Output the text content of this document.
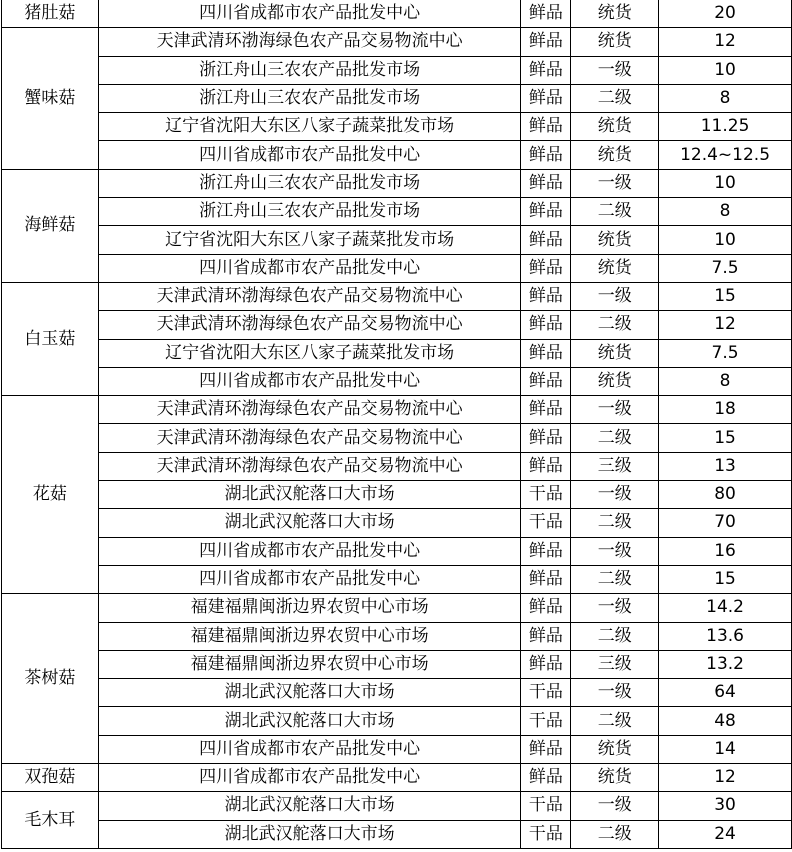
猪肚菇	四川省成都市农产品批发中心	鲜品	统货	20
蟹味菇	天津武清环渤海绿色农产品交易物流中心	鲜品	统货	12
	浙江舟山三农农产品批发市场	鲜品	一级	10
	浙江舟山三农农产品批发市场	鲜品	二级	8
	辽宁省沈阳大东区八家子蔬菜批发市场	鲜品	统货	11.25
	四川省成都市农产品批发中心	鲜品	统货	12.4~12.5
海鲜菇	浙江舟山三农农产品批发市场	鲜品	一级	10
	浙江舟山三农农产品批发市场	鲜品	二级	8
	辽宁省沈阳大东区八家子蔬菜批发市场	鲜品	统货	10
	四川省成都市农产品批发中心	鲜品	统货	7.5
白玉菇	天津武清环渤海绿色农产品交易物流中心	鲜品	一级	15
	天津武清环渤海绿色农产品交易物流中心	鲜品	二级	12
	辽宁省沈阳大东区八家子蔬菜批发市场	鲜品	统货	7.5
	四川省成都市农产品批发中心	鲜品	统货	8
花菇	天津武清环渤海绿色农产品交易物流中心	鲜品	一级	18
	天津武清环渤海绿色农产品交易物流中心	鲜品	二级	15
	天津武清环渤海绿色农产品交易物流中心	鲜品	三级	13
	湖北武汉舵落口大市场	干品	一级	80
	湖北武汉舵落口大市场	干品	二级	70
	四川省成都市农产品批发中心	鲜品	一级	16
	四川省成都市农产品批发中心	鲜品	二级	15
茶树菇	福建福鼎闽浙边界农贸中心市场	鲜品	一级	14.2
	福建福鼎闽浙边界农贸中心市场	鲜品	二级	13.6
	福建福鼎闽浙边界农贸中心市场	鲜品	三级	13.2
	湖北武汉舵落口大市场	干品	一级	64
	湖北武汉舵落口大市场	干品	二级	48
	四川省成都市农产品批发中心	鲜品	统货	14
双孢菇	四川省成都市农产品批发中心	鲜品	统货	12
毛木耳	湖北武汉舵落口大市场	干品	一级	30
	湖北武汉舵落口大市场	干品	二级	24
